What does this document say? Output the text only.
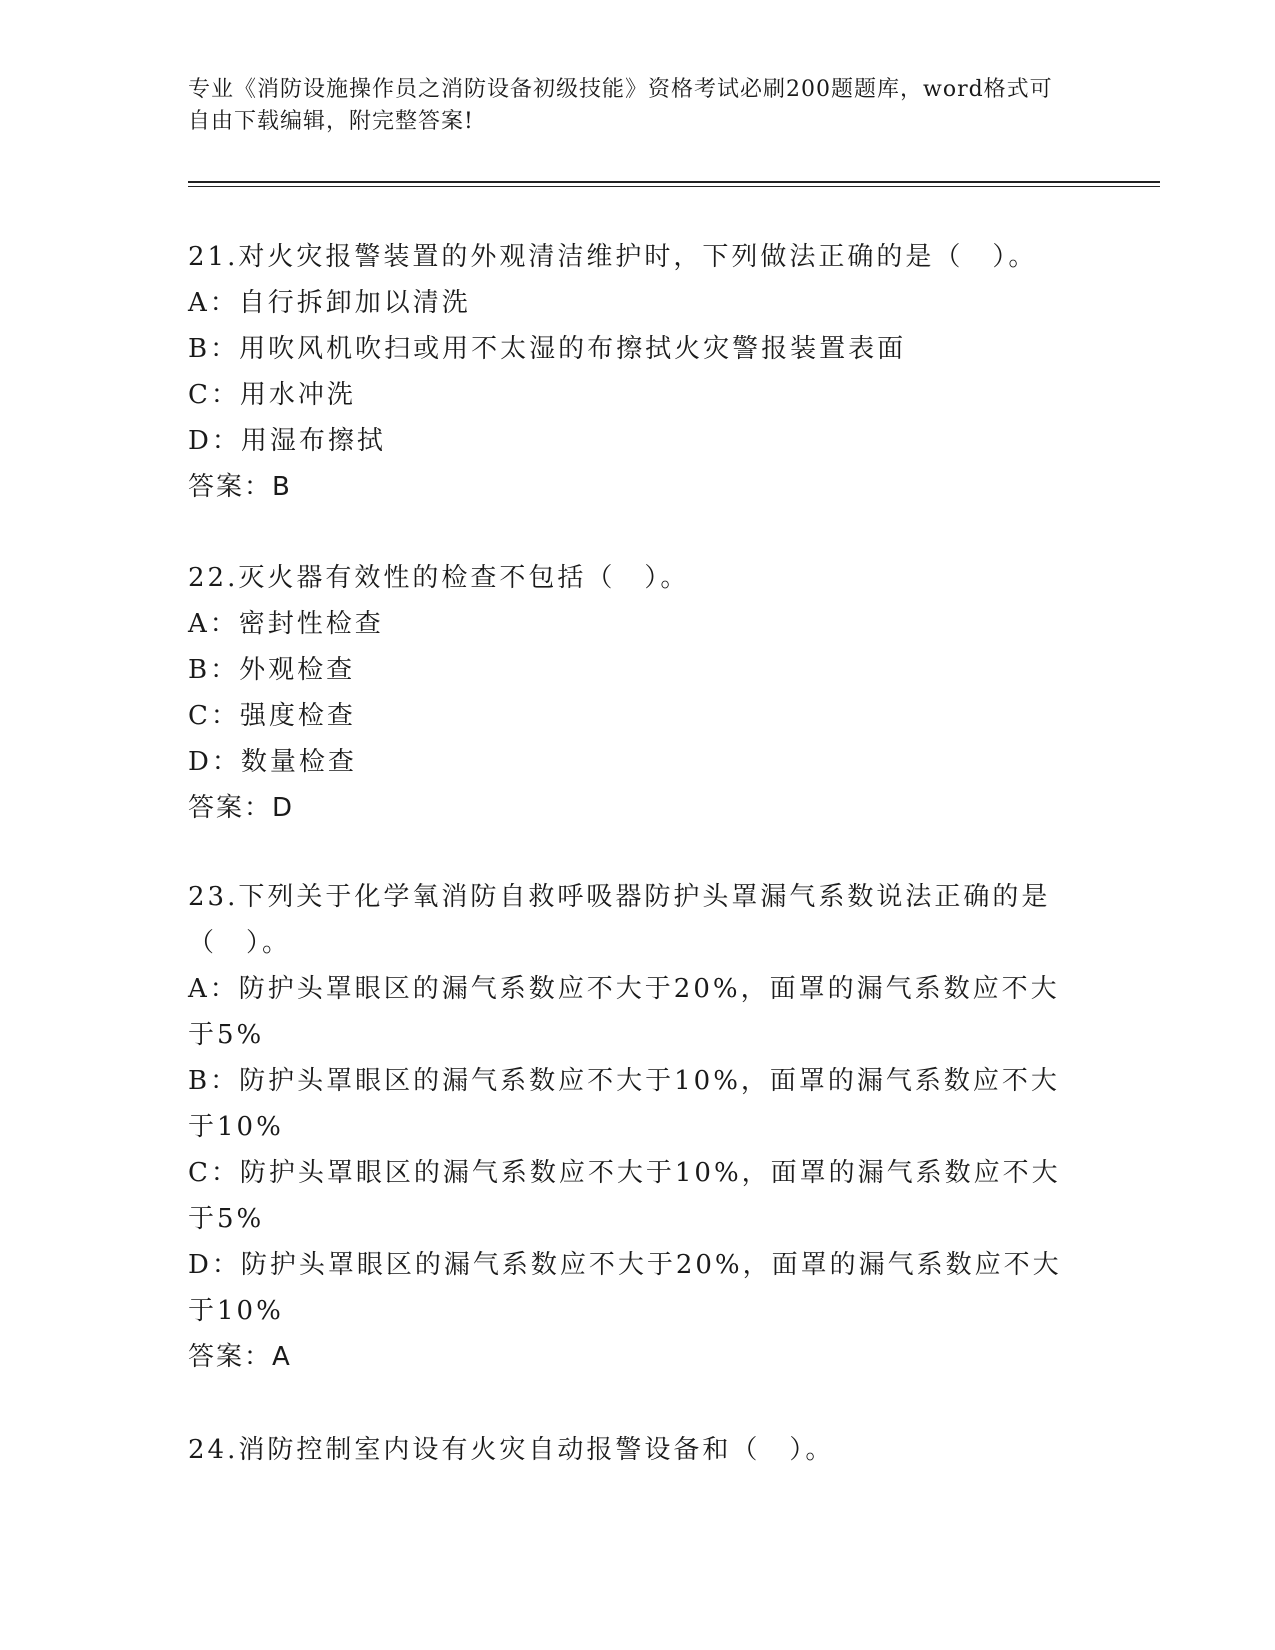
专业《消防设施操作员之消防设备初级技能》资格考试必刷200题题库，word格式可自由下载编辑，附完整答案!
21.对火灾报警装置的外观清洁维护时，下列做法正确的是（　）。
A：自行拆卸加以清洗
B：用吹风机吹扫或用不太湿的布擦拭火灾警报装置表面
C：用水冲洗
D：用湿布擦拭
答案：B
22.灭火器有效性的检查不包括（　）。
A：密封性检查
B：外观检查
C：强度检查
D：数量检查
答案：D
23.下列关于化学氧消防自救呼吸器防护头罩漏气系数说法正确的是（　）。
A：防护头罩眼区的漏气系数应不大于20%，面罩的漏气系数应不大于5%
B：防护头罩眼区的漏气系数应不大于10%，面罩的漏气系数应不大于10%
C：防护头罩眼区的漏气系数应不大于10%，面罩的漏气系数应不大于5%
D：防护头罩眼区的漏气系数应不大于20%，面罩的漏气系数应不大于10%
答案：A
24.消防控制室内设有火灾自动报警设备和（　）。
